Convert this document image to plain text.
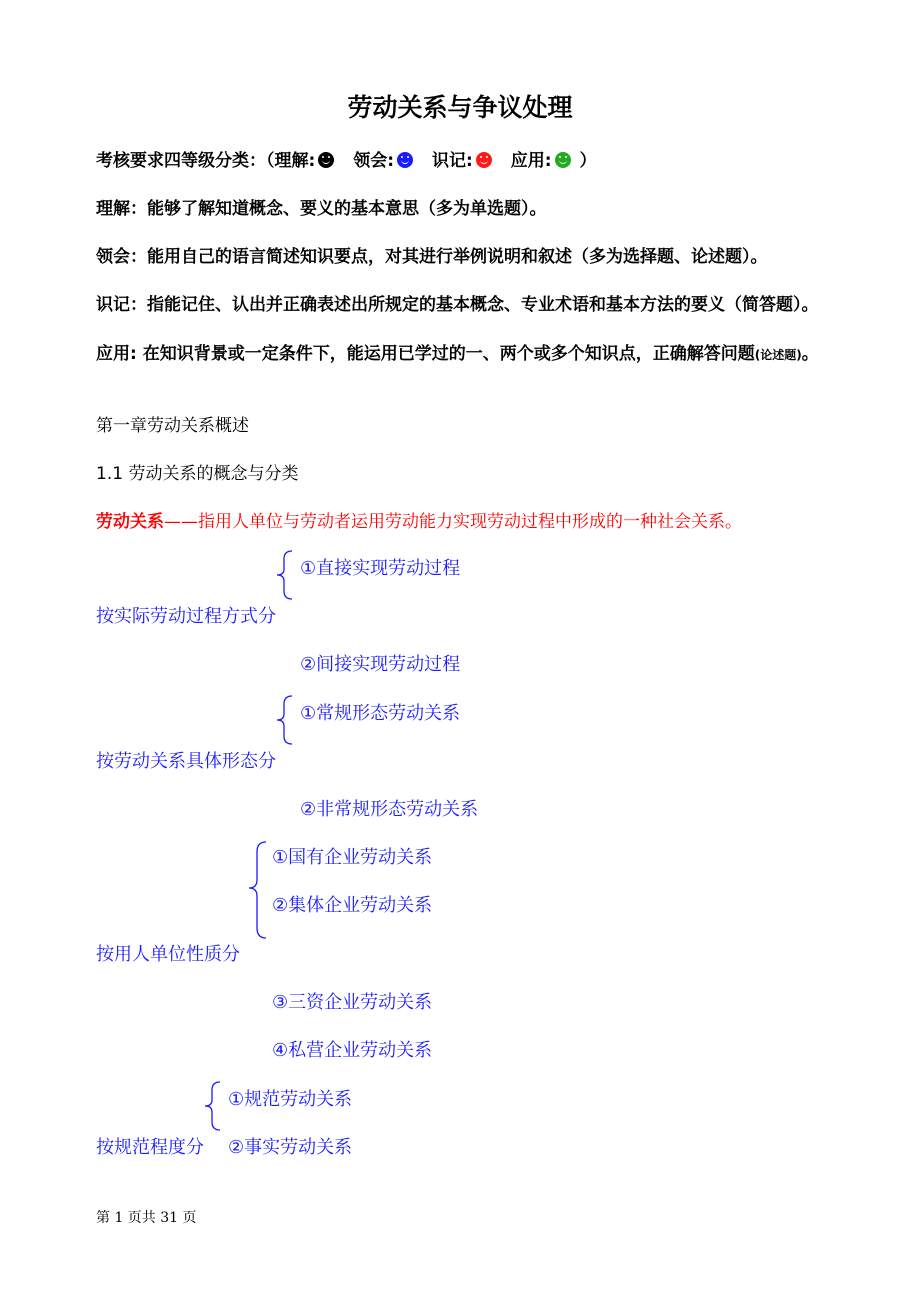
劳动关系与争议处理
考核要求四等级分类：（理解: 领会: 识记: 应用: ）
理解：能够了解知道概念、要义的基本意思（多为单选题）。
领会：能用自己的语言简述知识要点，对其进行举例说明和叙述（多为选择题、论述题）。
识记：指能记住、认出并正确表述出所规定的基本概念、专业术语和基本方法的要义（简答题）。
应用: 在知识背景或一定条件下，能运用已学过的一、两个或多个知识点，正确解答问题(论述题)。
第一章劳动关系概述
1.1 劳动关系的概念与分类
劳动关系——指用人单位与劳动者运用劳动能力实现劳动过程中形成的一种社会关系。
①直接实现劳动过程
按实际劳动过程方式分
②间接实现劳动过程
①常规形态劳动关系
按劳动关系具体形态分
②非常规形态劳动关系
①国有企业劳动关系
②集体企业劳动关系
按用人单位性质分
③三资企业劳动关系
④私营企业劳动关系
①规范劳动关系
按规范程度分 ②事实劳动关系
第 1 页共 31 页
